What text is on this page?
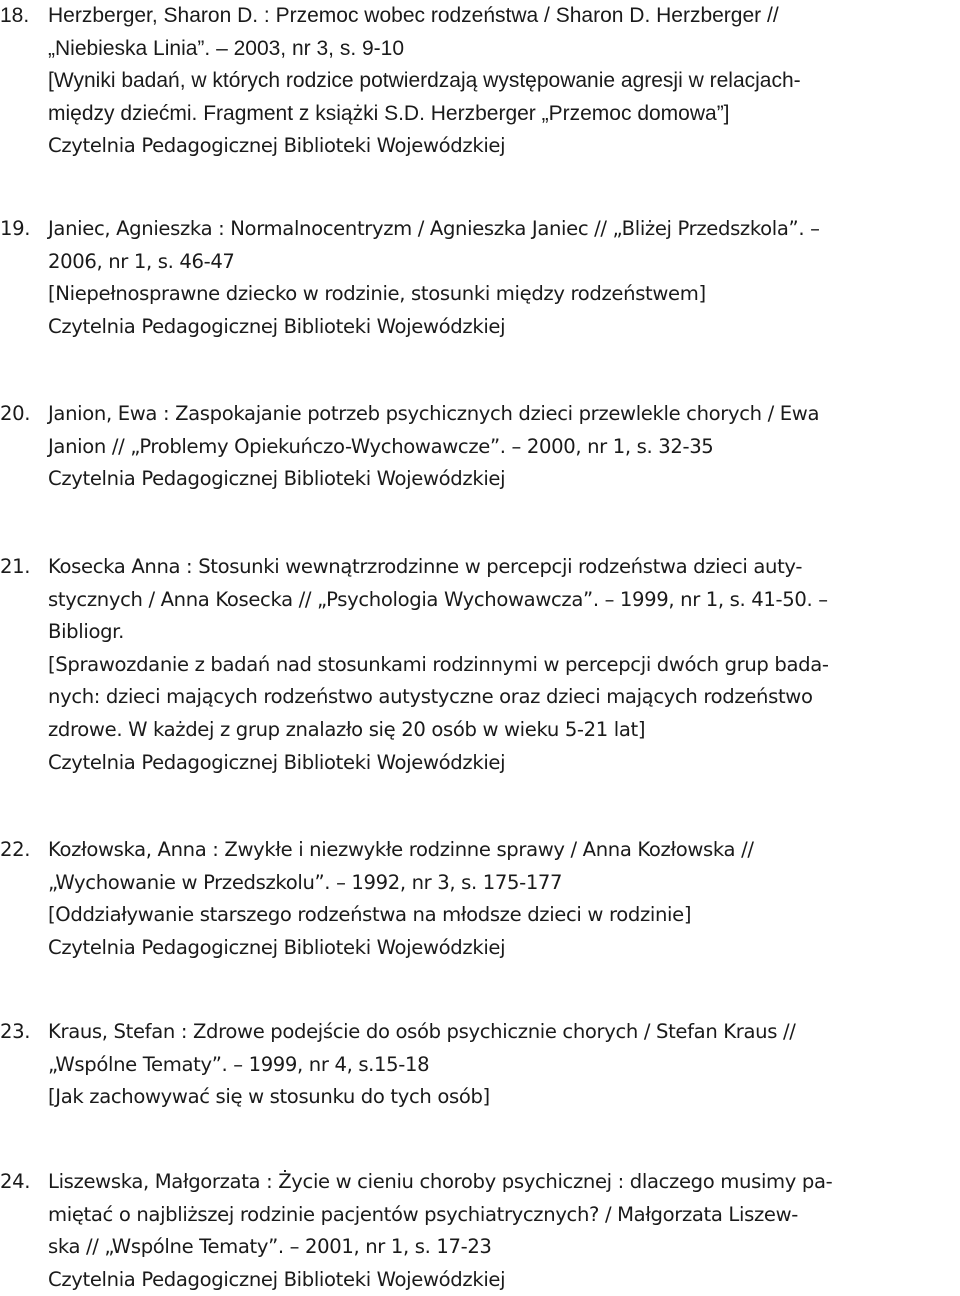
18. Herzberger, Sharon D. : Przemoc wobec rodzeństwa / Sharon D. Herzberger //
„Niebieska Linia”. – 2003, nr 3, s. 9-10
[Wyniki badań, w których rodzice potwierdzają występowanie agresji w relacjach-
między dziećmi. Fragment z książki S.D. Herzberger „Przemoc domowa”]
Czytelnia Pedagogicznej Biblioteki Wojewódzkiej
19. Janiec, Agnieszka : Normalnocentryzm / Agnieszka Janiec // „Bliżej Przedszkola”. –
2006, nr 1, s. 46-47
[Niepełnosprawne dziecko w rodzinie, stosunki między rodzeństwem]
Czytelnia Pedagogicznej Biblioteki Wojewódzkiej
20. Janion, Ewa : Zaspokajanie potrzeb psychicznych dzieci przewlekle chorych / Ewa
Janion // „Problemy Opiekuńczo-Wychowawcze”. – 2000, nr 1, s. 32-35
Czytelnia Pedagogicznej Biblioteki Wojewódzkiej
21. Kosecka Anna : Stosunki wewnątrzrodzinne w percepcji rodzeństwa dzieci auty-
stycznych / Anna Kosecka // „Psychologia Wychowawcza”. – 1999, nr 1, s. 41-50. –
Bibliogr.
[Sprawozdanie z badań nad stosunkami rodzinnymi w percepcji dwóch grup bada-
nych: dzieci mających rodzeństwo autystyczne oraz dzieci mających rodzeństwo
zdrowe. W każdej z grup znalazło się 20 osób w wieku 5-21 lat]
Czytelnia Pedagogicznej Biblioteki Wojewódzkiej
22. Kozłowska, Anna : Zwykłe i niezwykłe rodzinne sprawy / Anna Kozłowska //
„Wychowanie w Przedszkolu”. – 1992, nr 3, s. 175-177
[Oddziaływanie starszego rodzeństwa na młodsze dzieci w rodzinie]
Czytelnia Pedagogicznej Biblioteki Wojewódzkiej
23. Kraus, Stefan : Zdrowe podejście do osób psychicznie chorych / Stefan Kraus //
„Wspólne Tematy”. – 1999, nr 4, s.15-18
[Jak zachowywać się w stosunku do tych osób]
24. Liszewska, Małgorzata : Życie w cieniu choroby psychicznej : dlaczego musimy pa-
miętać o najbliższej rodzinie pacjentów psychiatrycznych? / Małgorzata Liszew-
ska // „Wspólne Tematy”. – 2001, nr 1, s. 17-23
Czytelnia Pedagogicznej Biblioteki Wojewódzkiej
